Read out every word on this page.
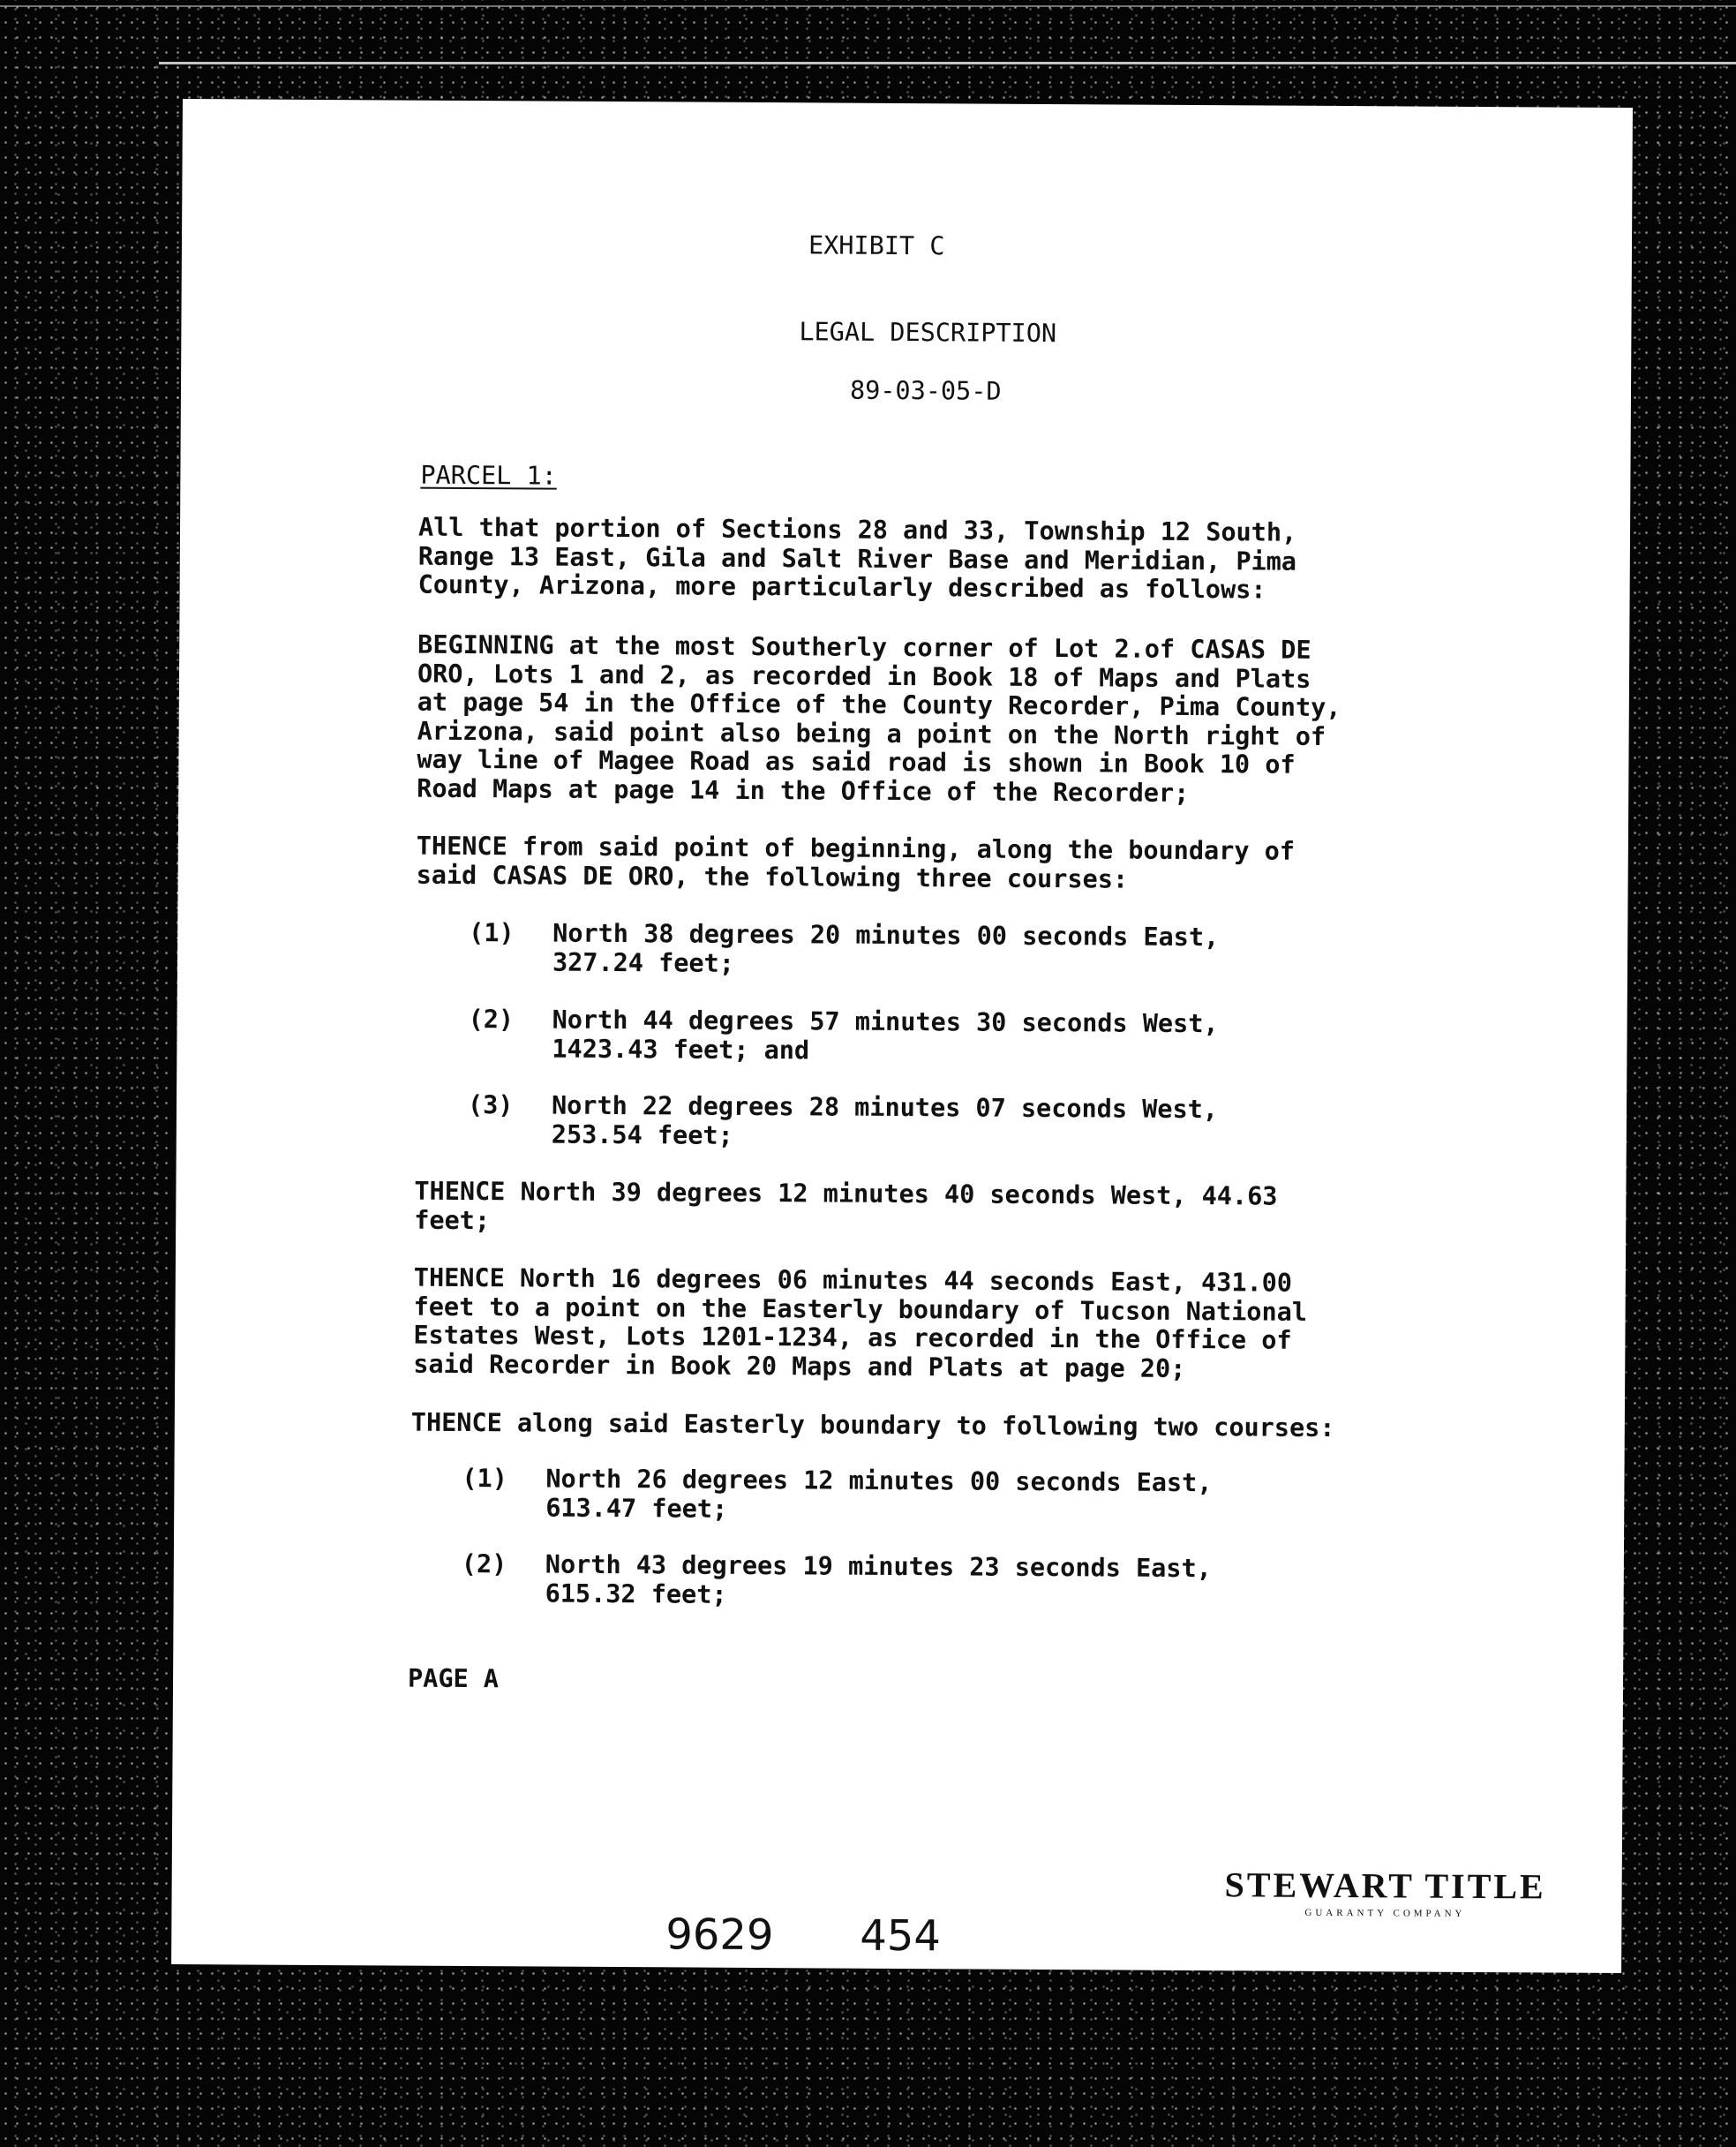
EXHIBIT C
LEGAL DESCRIPTION
89-03-05-D
PARCEL 1:
All that portion of Sections 28 and 33, Township 12 South,
Range 13 East, Gila and Salt River Base and Meridian, Pima
County, Arizona, more particularly described as follows:
BEGINNING at the most Southerly corner of Lot 2.of CASAS DE
ORO, Lots 1 and 2, as recorded in Book 18 of Maps and Plats
at page 54 in the Office of the County Recorder, Pima County,
Arizona, said point also being a point on the North right of
way line of Magee Road as said road is shown in Book 10 of
Road Maps at page 14 in the Office of the Recorder;
THENCE from said point of beginning, along the boundary of
said CASAS DE ORO, the following three courses:
(1) North 38 degrees 20 minutes 00 seconds East,
327.24 feet;
(2) North 44 degrees 57 minutes 30 seconds West,
1423.43 feet; and
(3) North 22 degrees 28 minutes 07 seconds West,
253.54 feet;
THENCE North 39 degrees 12 minutes 40 seconds West, 44.63
feet;
THENCE North 16 degrees 06 minutes 44 seconds East, 431.00
feet to a point on the Easterly boundary of Tucson National
Estates West, Lots 1201-1234, as recorded in the Office of
said Recorder in Book 20 Maps and Plats at page 20;
THENCE along said Easterly boundary to following two courses:
(1) North 26 degrees 12 minutes 00 seconds East,
613.47 feet;
(2) North 43 degrees 19 minutes 23 seconds East,
615.32 feet;
PAGE A
9629 454
STEWART TITLE
GUARANTY COMPANY
